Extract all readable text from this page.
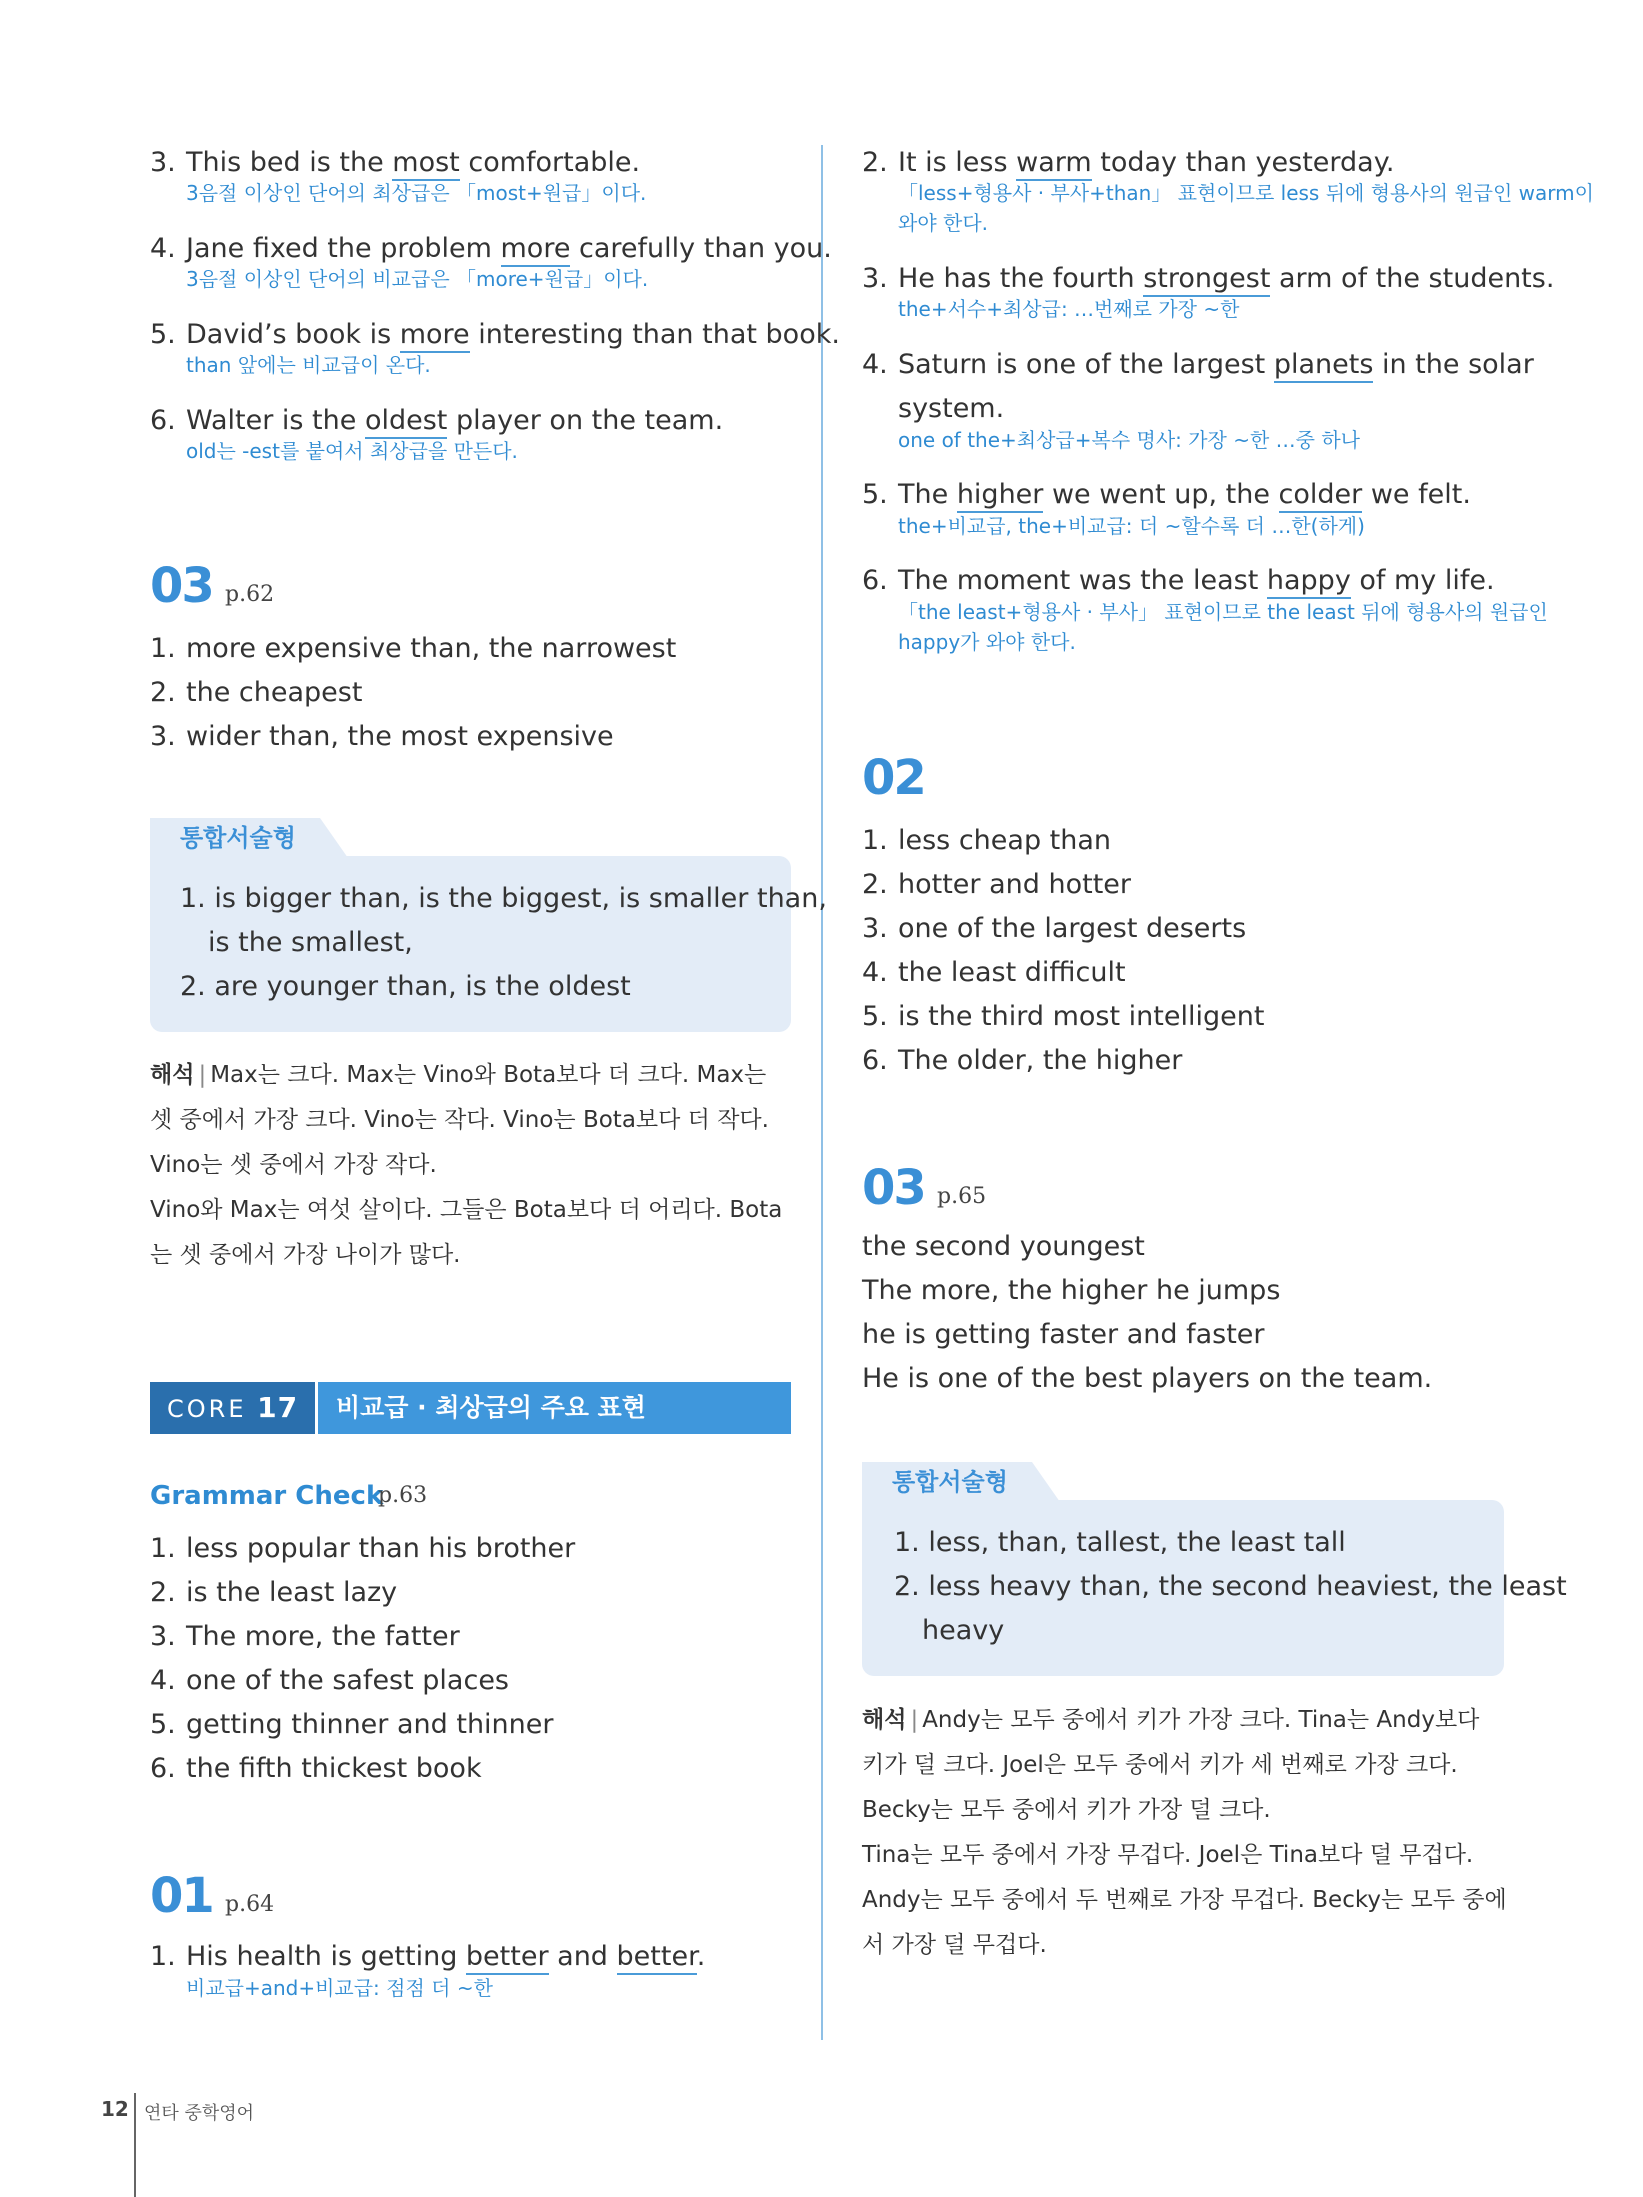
3. This bed is the most comfortable.
3음절 이상인 단어의 최상급은 「most+원급」이다.
4. Jane fixed the problem more carefully than you.
3음절 이상인 단어의 비교급은 「more+원급」이다.
5. David’s book is more interesting than that book.
than 앞에는 비교급이 온다.
6. Walter is the oldest player on the team.
old는 -est를 붙여서 최상급을 만든다.
03 p.62
1. more expensive than, the narrowest
2. the cheapest
3. wider than, the most expensive
통합서술형
1. is bigger than, is the biggest, is smaller than,
is the smallest,
2. are younger than, is the oldest
해석 | Max는 크다. Max는 Vino와 Bota보다 더 크다. Max는 셋 중에서 가장 크다. Vino는 작다. Vino는 Bota보다 더 작다. Vino는 셋 중에서 가장 작다.
Vino와 Max는 여섯 살이다. 그들은 Bota보다 더 어리다. Bota는 셋 중에서 가장 나이가 많다.
CORE 17	비교급 · 최상급의 주요 표현
Grammar Check
p.63
1. less popular than his brother
2. is the least lazy
3. The more, the fatter
4. one of the safest places
5. getting thinner and thinner
6. the fifth thickest book
01 p.64
1. His health is getting better and better.
비교급+and+비교급: 점점 더 ~한
2. It is less warm today than yesterday.
「less+형용사 · 부사+than」 표현이므로 less 뒤에 형용사의 원급인 warm이
와야 한다.
3. He has the fourth strongest arm of the students.
the+서수+최상급: …번째로 가장 ~한
4. Saturn is one of the largest planets in the solar
system.
one of the+최상급+복수 명사: 가장 ~한 …중 하나
5. The higher we went up, the colder we felt.
the+비교급, the+비교급: 더 ~할수록 더 …한(하게)
6. The moment was the least happy of my life.
「the least+형용사 · 부사」 표현이므로 the least 뒤에 형용사의 원급인
happy가 와야 한다.
02
1. less cheap than
2. hotter and hotter
3. one of the largest deserts
4. the least difficult
5. is the third most intelligent
6. The older, the higher
03 p.65
the second youngest
The more, the higher he jumps
he is getting faster and faster
He is one of the best players on the team.
통합서술형
1. less, than, tallest, the least tall
2. less heavy than, the second heaviest, the least
heavy
해석 | Andy는 모두 중에서 키가 가장 크다. Tina는 Andy보다 키가 덜 크다. Joel은 모두 중에서 키가 세 번째로 가장 크다. Becky는 모두 중에서 키가 가장 덜 크다.
Tina는 모두 중에서 가장 무겁다. Joel은 Tina보다 덜 무겁다. Andy는 모두 중에서 두 번째로 가장 무겁다. Becky는 모두 중에서 가장 덜 무겁다.
12 연타 중학영어
